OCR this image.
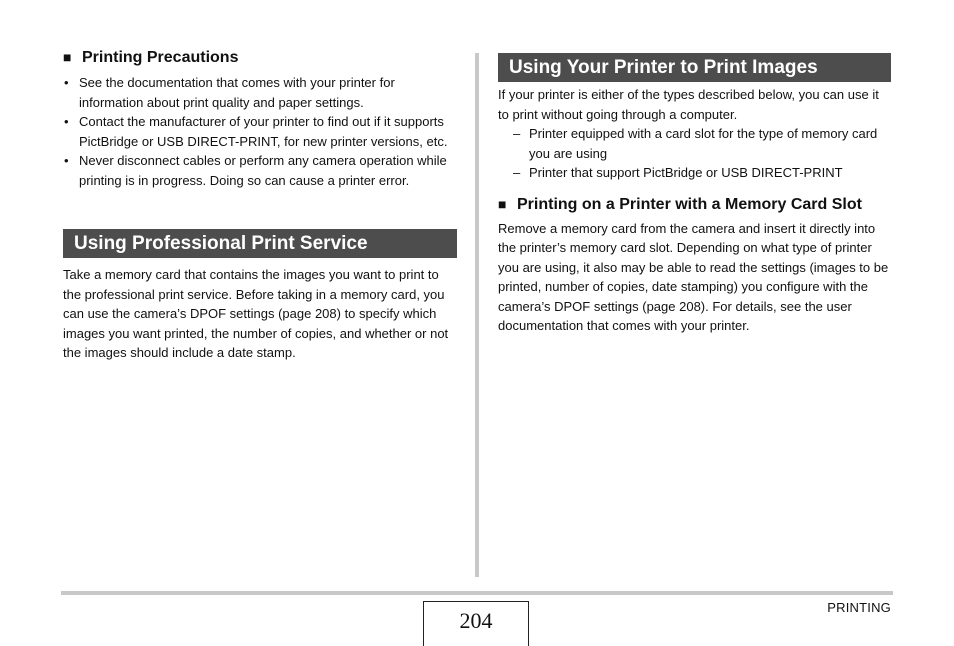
■ Printing Precautions
• See the documentation that comes with your printer for information about print quality and paper settings.
• Contact the manufacturer of your printer to find out if it supports PictBridge or USB DIRECT-PRINT, for new printer versions, etc.
• Never disconnect cables or perform any camera operation while printing is in progress. Doing so can cause a printer error.
Using Professional Print Service

Take a memory card that contains the images you want to print to the professional print service. Before taking in a memory card, you can use the camera’s DPOF settings (page 208) to specify which images you want printed, the number of copies, and whether or not the images should include a date stamp.

Using Your Printer to Print Images

If your printer is either of the types described below, you can use it to print without going through a computer.

– Printer equipped with a card slot for the type of memory card you are using
– Printer that support PictBridge or USB DIRECT-PRINT
■ Printing on a Printer with a Memory Card Slot

Remove a memory card from the camera and insert it directly into the printer’s memory card slot. Depending on what type of printer you are using, it also may be able to read the settings (images to be printed, number of copies, date stamping) you configure with the camera’s DPOF settings (page 208). For details, see the user documentation that comes with your printer.

204
PRINTING
